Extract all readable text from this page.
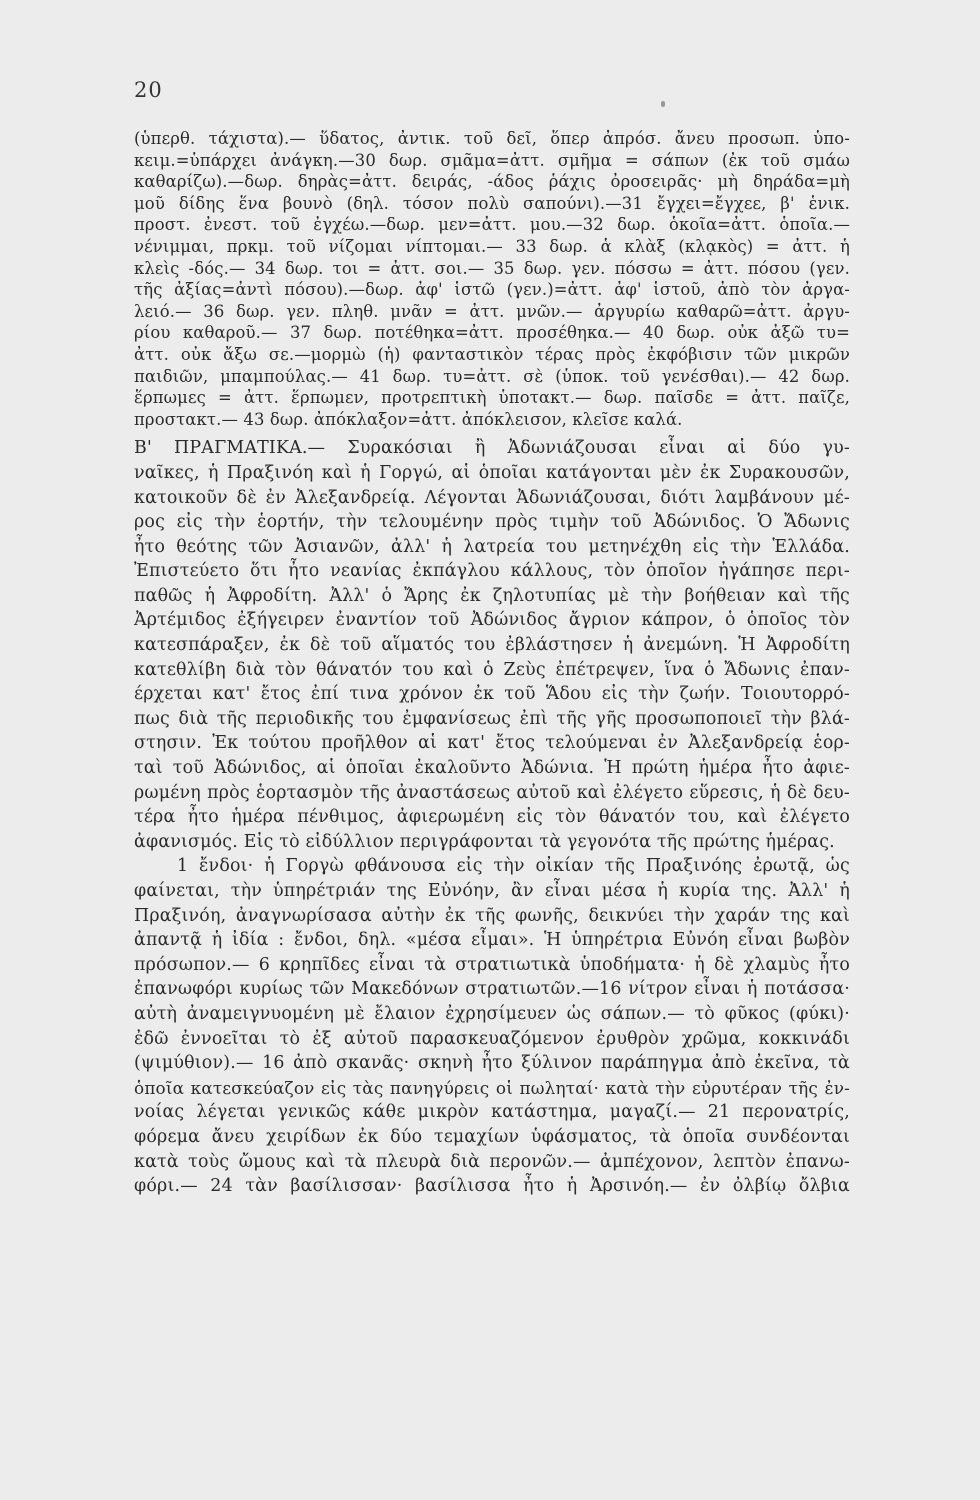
20
(ὑπερθ. τάχιστα).— ὕδατος, ἀντικ. τοῦ δεῖ, ὅπερ ἀπρόσ. ἄνευ προσωπ. ὑπο-
κειμ.=ὑπάρχει ἀνάγκη.—30 δωρ. σμᾶμα=ἀττ. σμῆμα = σάπων (ἐκ τοῦ σμάω
καθαρίζω).—δωρ. δηρὰς=ἀττ. δειράς, -άδος ῥάχις ὀροσειρᾶς· μὴ δηράδα=μὴ
μοῦ δίδης ἕνα βουνὸ (δηλ. τόσον πολὺ σαπούνι).—31 ἔγχει=ἔγχεε, β' ἑνικ.
προστ. ἐνεστ. τοῦ ἐγχέω.—δωρ. μεν=ἀττ. μου.—32 δωρ. ὁκοῖα=ἀττ. ὁποῖα.—
νένιμμαι, πρκμ. τοῦ νίζομαι νίπτομαι.— 33 δωρ. ἁ κλὰξ (κλᾳκὸς) = ἀττ. ἡ
κλεὶς -δός.— 34 δωρ. τοι = ἀττ. σοι.— 35 δωρ. γεν. πόσσω = ἀττ. πόσου (γεν.
τῆς ἀξίας=ἀντὶ πόσου).—δωρ. ἀφ' ἱστῶ (γεν.)=ἀττ. ἀφ' ἱστοῦ, ἀπὸ τὸν ἀργα-
λειό.— 36 δωρ. γεν. πληθ. μνᾶν = ἀττ. μνῶν.— ἀργυρίω καθαρῶ=ἀττ. ἀργυ-
ρίου καθαροῦ.— 37 δωρ. ποτέθηκα=ἀττ. προσέθηκα.— 40 δωρ. οὐκ ἀξῶ τυ=
ἀττ. οὐκ ἄξω σε.—μορμὼ (ἡ) φανταστικὸν τέρας πρὸς ἐκφόβισιν τῶν μικρῶν
παιδιῶν, μπαμπούλας.— 41 δωρ. τυ=ἀττ. σὲ (ὑποκ. τοῦ γενέσθαι).— 42 δωρ.
ἕρπωμες = ἀττ. ἕρπωμεν, προτρεπτικὴ ὑποτακτ.— δωρ. παῖσδε = ἀττ. παῖζε,
προστακτ.— 43 δωρ. ἀπόκλαξον=ἀττ. ἀπόκλεισον, κλεῖσε καλά.
Β' ΠΡΑΓΜΑΤΙΚΑ.— Συρακόσιαι ἢ Ἀδωνιάζουσαι εἶναι αἱ δύο γυ-
ναῖκες, ἡ Πραξινόη καὶ ἡ Γοργώ, αἱ ὁποῖαι κατάγονται μὲν ἐκ Συρακουσῶν,
κατοικοῦν δὲ ἐν Ἀλεξανδρείᾳ. Λέγονται Ἀδωνιάζουσαι, διότι λαμβάνουν μέ-
ρος εἰς τὴν ἑορτήν, τὴν τελουμένην πρὸς τιμὴν τοῦ Ἀδώνιδος. Ὁ Ἄδωνις
ἦτο θεότης τῶν Ἀσιανῶν, ἀλλ' ἡ λατρεία του μετηνέχθη εἰς τὴν Ἑλλάδα.
Ἐπιστεύετο ὅτι ἦτο νεανίας ἐκπάγλου κάλλους, τὸν ὁποῖον ἠγάπησε περι-
παθῶς ἡ Ἀφροδίτη. Ἀλλ' ὁ Ἄρης ἐκ ζηλοτυπίας μὲ τὴν βοήθειαν καὶ τῆς
Ἀρτέμιδος ἐξήγειρεν ἐναντίον τοῦ Ἀδώνιδος ἄγριον κάπρον, ὁ ὁποῖος τὸν
κατεσπάραξεν, ἐκ δὲ τοῦ αἵματός του ἐβλάστησεν ἡ ἀνεμώνη. Ἡ Ἀφροδίτη
κατεθλίβη διὰ τὸν θάνατόν του καὶ ὁ Ζεὺς ἐπέτρεψεν, ἵνα ὁ Ἄδωνις ἐπαν-
έρχεται κατ' ἔτος ἐπί τινα χρόνον ἐκ τοῦ Ἅδου εἰς τὴν ζωήν. Τοιουτορρό-
πως διὰ τῆς περιοδικῆς του ἐμφανίσεως ἐπὶ τῆς γῆς προσωποποιεῖ τὴν βλά-
στησιν. Ἐκ τούτου προῆλθον αἱ κατ' ἔτος τελούμεναι ἐν Ἀλεξανδρείᾳ ἑορ-
ταὶ τοῦ Ἀδώνιδος, αἱ ὁποῖαι ἐκαλοῦντο Ἀδώνια. Ἡ πρώτη ἡμέρα ἦτο ἀφιε-
ρωμένη πρὸς ἑορτασμὸν τῆς ἀναστάσεως αὐτοῦ καὶ ἐλέγετο εὕρεσις, ἡ δὲ δευ-
τέρα ἦτο ἡμέρα πένθιμος, ἀφιερωμένη εἰς τὸν θάνατόν του, καὶ ἐλέγετο
ἀφανισμός. Εἰς τὸ εἰδύλλιον περιγράφονται τὰ γεγονότα τῆς πρώτης ἡμέρας.
1 ἔνδοι· ἡ Γοργὼ φθάνουσα εἰς τὴν οἰκίαν τῆς Πραξινόης ἐρωτᾷ, ὡς
φαίνεται, τὴν ὑπηρέτριάν της Εὐνόην, ἂν εἶναι μέσα ἡ κυρία της. Ἀλλ' ἡ
Πραξινόη, ἀναγνωρίσασα αὐτὴν ἐκ τῆς φωνῆς, δεικνύει τὴν χαράν της καὶ
ἀπαντᾷ ἡ ἰδία : ἔνδοι, δηλ. «μέσα εἶμαι». Ἡ ὑπηρέτρια Εὐνόη εἶναι βωβὸν
πρόσωπον.— 6 κρηπῖδες εἶναι τὰ στρατιωτικὰ ὑποδήματα· ἡ δὲ χλαμὺς ἦτο
ἐπανωφόρι κυρίως τῶν Μακεδόνων στρατιωτῶν.—16 νίτρον εἶναι ἡ ποτάσσα·
αὐτὴ ἀναμειγνυομένη μὲ ἔλαιον ἐχρησίμευεν ὡς σάπων.— τὸ φῦκος (φύκι)·
ἐδῶ ἐννοεῖται τὸ ἐξ αὐτοῦ παρασκευαζόμενον ἐρυθρὸν χρῶμα, κοκκινάδι
(ψιμύθιον).— 16 ἀπὸ σκανᾶς· σκηνὴ ἦτο ξύλινον παράπηγμα ἀπὸ ἐκεῖνα, τὰ
ὁποῖα κατεσκεύαζον εἰς τὰς πανηγύρεις οἱ πωληταί· κατὰ τὴν εὐρυτέραν τῆς ἐν-
νοίας λέγεται γενικῶς κάθε μικρὸν κατάστημα, μαγαζί.— 21 περονατρίς,
φόρεμα ἄνευ χειρίδων ἐκ δύο τεμαχίων ὑφάσματος, τὰ ὁποῖα συνδέονται
κατὰ τοὺς ὤμους καὶ τὰ πλευρὰ διὰ περονῶν.— ἀμπέχονον, λεπτὸν ἐπανω-
φόρι.— 24 τὰν βασίλισσαν· βασίλισσα ἦτο ἡ Ἀρσινόη.— ἐν ὀλβίῳ ὄλβια
